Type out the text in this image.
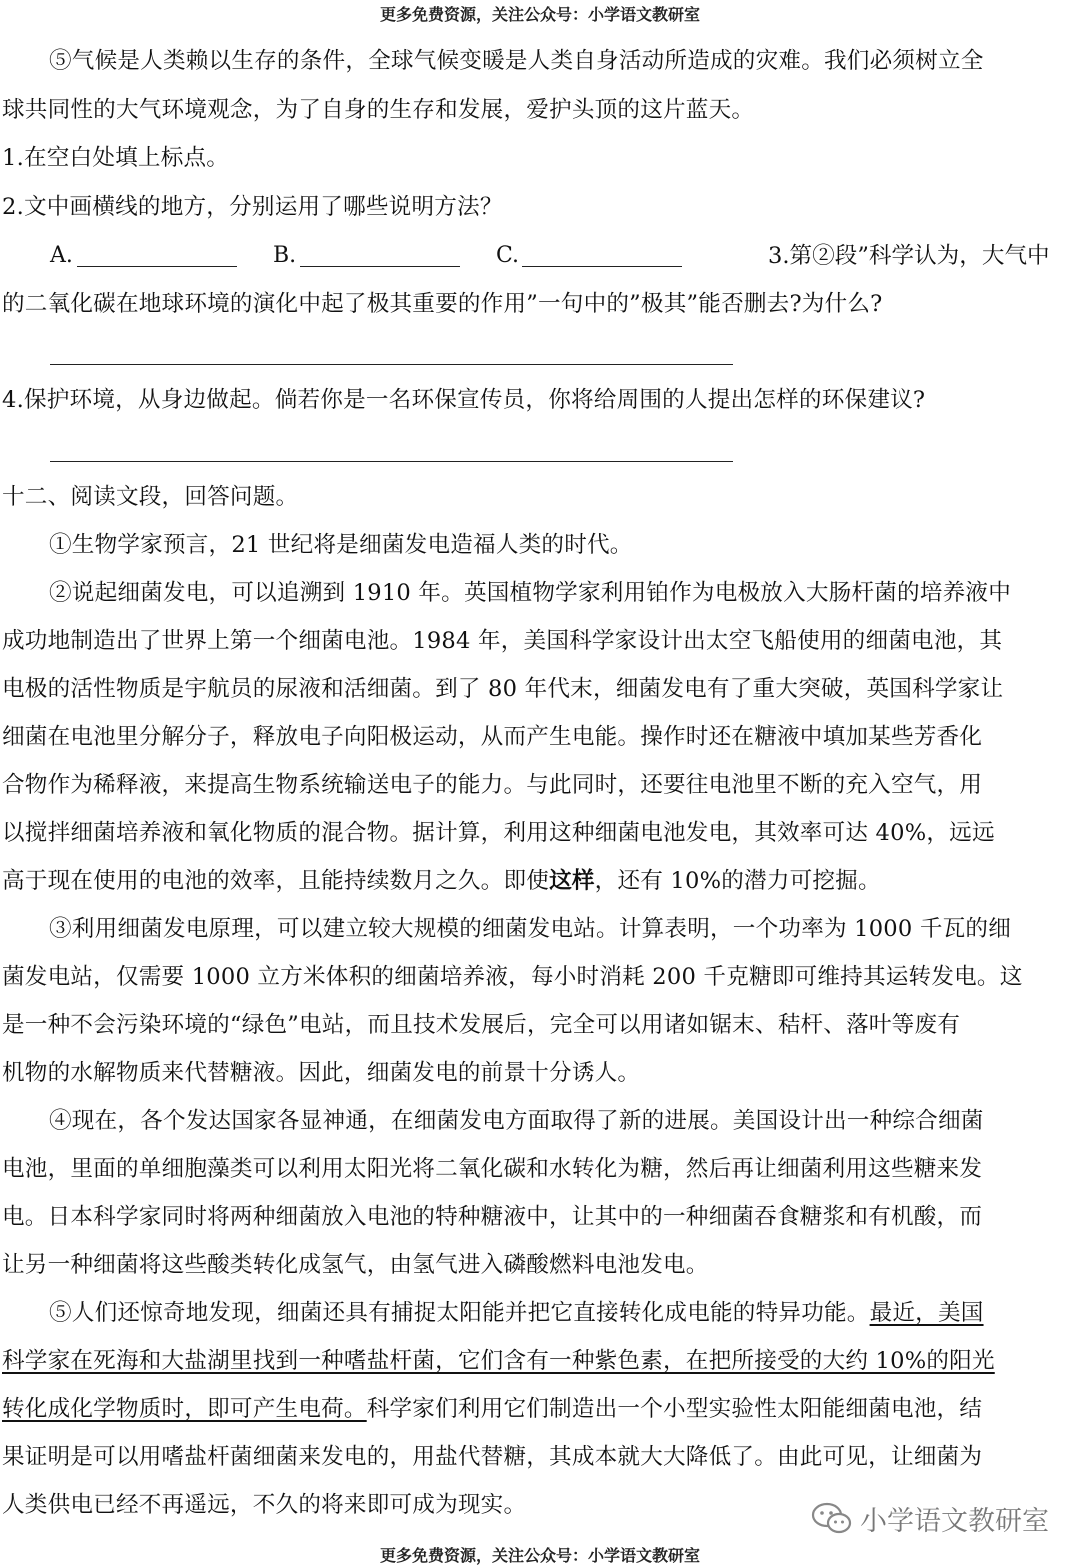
更多免费资源，关注公众号：小学语文教研室
⑤气候是人类赖以生存的条件，全球气候变暖是人类自身活动所造成的灾难。我们必须树立全
球共同性的大气环境观念，为了自身的生存和发展，爱护头顶的这片蓝天。
1.在空白处填上标点。
2.文中画横线的地方，分别运用了哪些说明方法？
A.	B.	C.	3.第②段”科学认为，大气中
的二氧化碳在地球环境的演化中起了极其重要的作用”一句中的”极其”能否删去?为什么?
4.保护环境，从身边做起。倘若你是一名环保宣传员，你将给周围的人提出怎样的环保建议?
十二、阅读文段，回答问题。
①生物学家预言，21 世纪将是细菌发电造福人类的时代。
②说起细菌发电，可以追溯到 1910 年。英国植物学家利用铂作为电极放入大肠杆菌的培养液中
成功地制造出了世界上第一个细菌电池。1984 年，美国科学家设计出太空飞船使用的细菌电池，其
电极的活性物质是宇航员的尿液和活细菌。到了 80 年代末，细菌发电有了重大突破，英国科学家让
细菌在电池里分解分子，释放电子向阳极运动，从而产生电能。操作时还在糖液中填加某些芳香化
合物作为稀释液，来提高生物系统输送电子的能力。与此同时，还要往电池里不断的充入空气，用
以搅拌细菌培养液和氧化物质的混合物。据计算，利用这种细菌电池发电，其效率可达 40%，远远
高于现在使用的电池的效率，且能持续数月之久。即使这样，还有 10%的潜力可挖掘。
③利用细菌发电原理，可以建立较大规模的细菌发电站。计算表明，一个功率为 1000 千瓦的细
菌发电站，仅需要 1000 立方米体积的细菌培养液，每小时消耗 200 千克糖即可维持其运转发电。这
是一种不会污染环境的“绿色”电站，而且技术发展后，完全可以用诸如锯末、秸杆、落叶等废有
机物的水解物质来代替糖液。因此，细菌发电的前景十分诱人。
④现在，各个发达国家各显神通，在细菌发电方面取得了新的进展。美国设计出一种综合细菌
电池，里面的单细胞藻类可以利用太阳光将二氧化碳和水转化为糖，然后再让细菌利用这些糖来发
电。日本科学家同时将两种细菌放入电池的特种糖液中，让其中的一种细菌吞食糖浆和有机酸，而
让另一种细菌将这些酸类转化成氢气，由氢气进入磷酸燃料电池发电。
⑤人们还惊奇地发现，细菌还具有捕捉太阳能并把它直接转化成电能的特异功能。最近，美国
科学家在死海和大盐湖里找到一种嗜盐杆菌，它们含有一种紫色素，在把所接受的大约 10%的阳光
转化成化学物质时，即可产生电荷。科学家们利用它们制造出一个小型实验性太阳能细菌电池，结
果证明是可以用嗜盐杆菌细菌来发电的，用盐代替糖，其成本就大大降低了。由此可见，让细菌为
人类供电已经不再遥远，不久的将来即可成为现实。
小学语文教研室
更多免费资源，关注公众号：小学语文教研室
